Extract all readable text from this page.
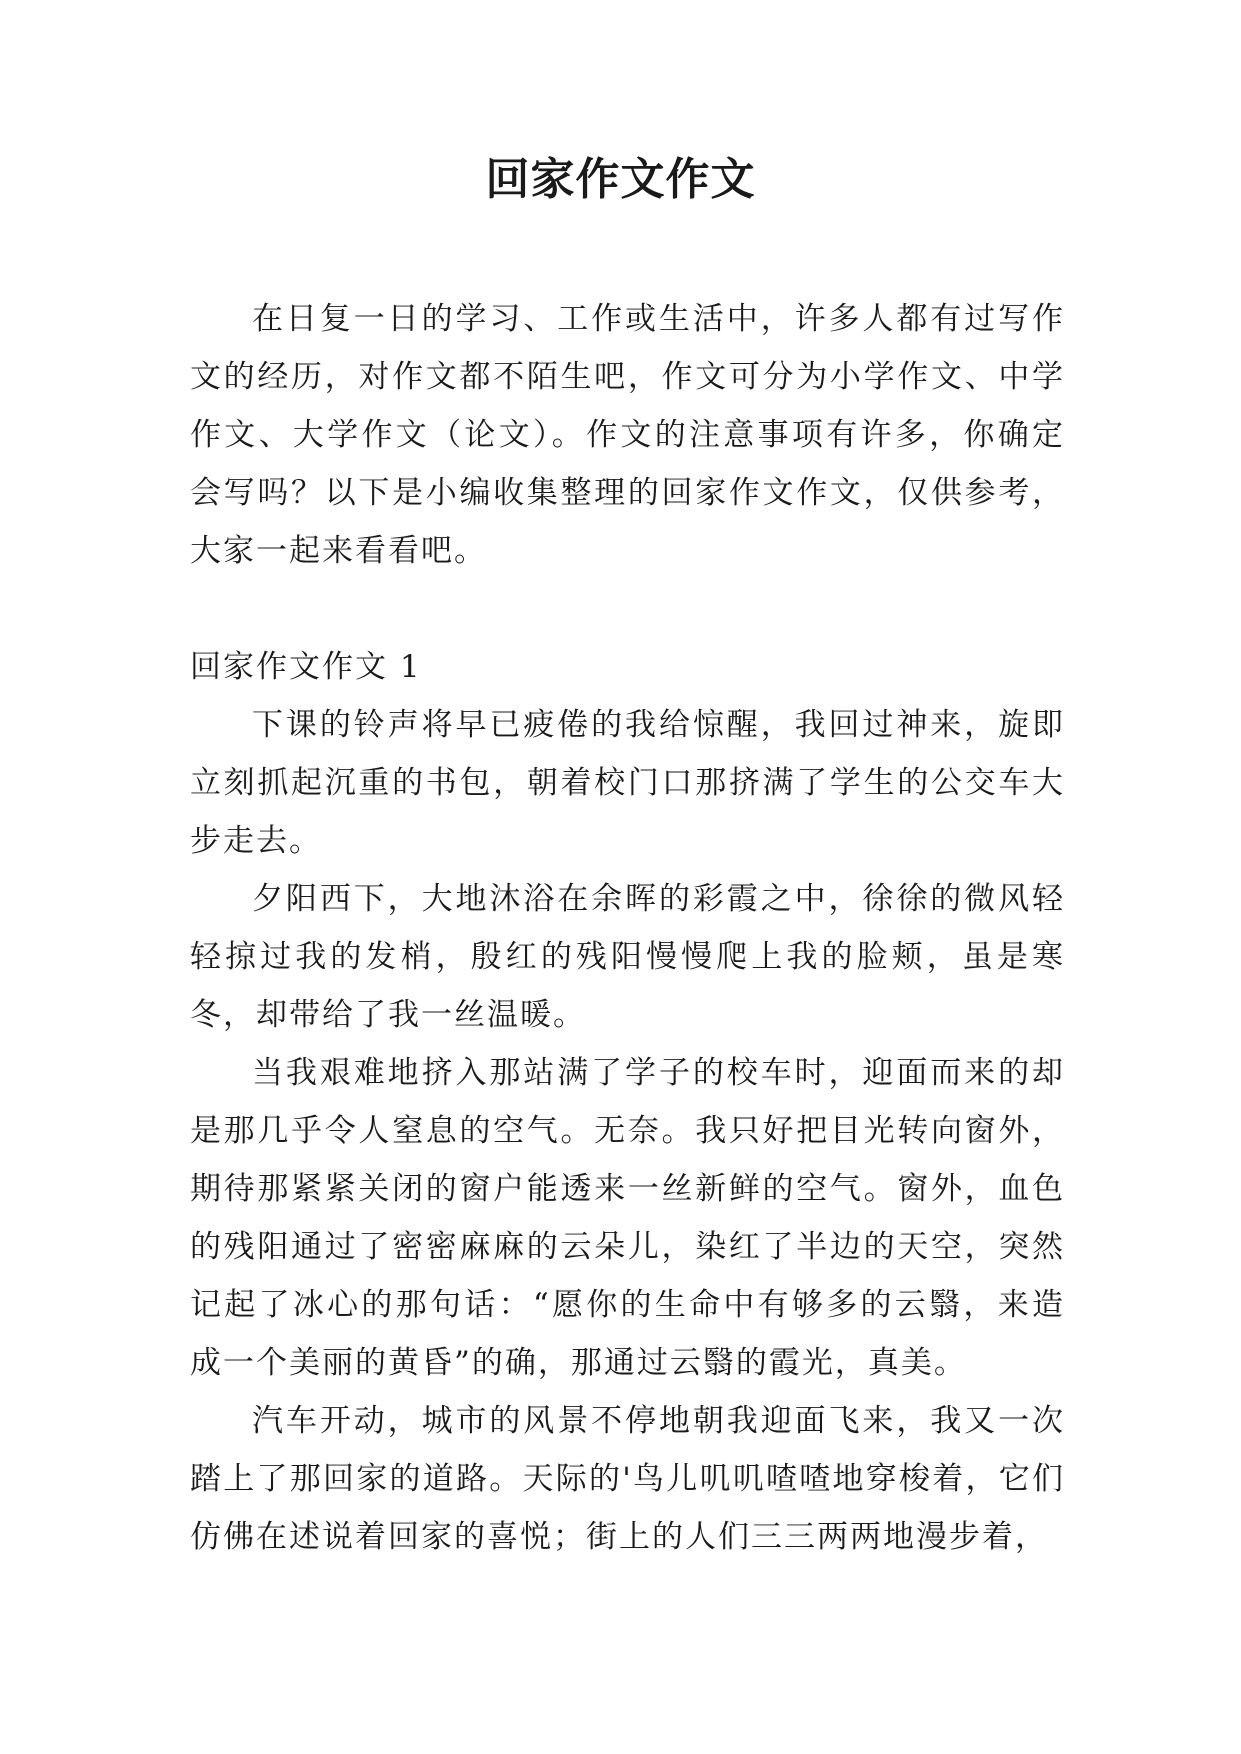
回家作文作文

在日复一日的学习、工作或生活中，许多人都有过写作文的经历，对作文都不陌生吧，作文可分为小学作文、中学作文、大学作文（论文）。作文的注意事项有许多，你确定会写吗？以下是小编收集整理的回家作文作文，仅供参考，大家一起来看看吧。

回家作文作文 1

下课的铃声将早已疲倦的我给惊醒，我回过神来，旋即立刻抓起沉重的书包，朝着校门口那挤满了学生的公交车大步走去。

夕阳西下，大地沐浴在余晖的彩霞之中，徐徐的微风轻轻掠过我的发梢，殷红的残阳慢慢爬上我的脸颊，虽是寒冬，却带给了我一丝温暖。

当我艰难地挤入那站满了学子的校车时，迎面而来的却是那几乎令人窒息的空气。无奈。我只好把目光转向窗外，期待那紧紧关闭的窗户能透来一丝新鲜的空气。窗外，血色的残阳通过了密密麻麻的云朵儿，染红了半边的天空，突然记起了冰心的那句话：“愿你的生命中有够多的云翳，来造成一个美丽的黄昏”的确，那通过云翳的霞光，真美。

汽车开动，城市的风景不停地朝我迎面飞来，我又一次踏上了那回家的道路。天际的'鸟儿叽叽喳喳地穿梭着，它们仿佛在述说着回家的喜悦；街上的人们三三两两地漫步着，
